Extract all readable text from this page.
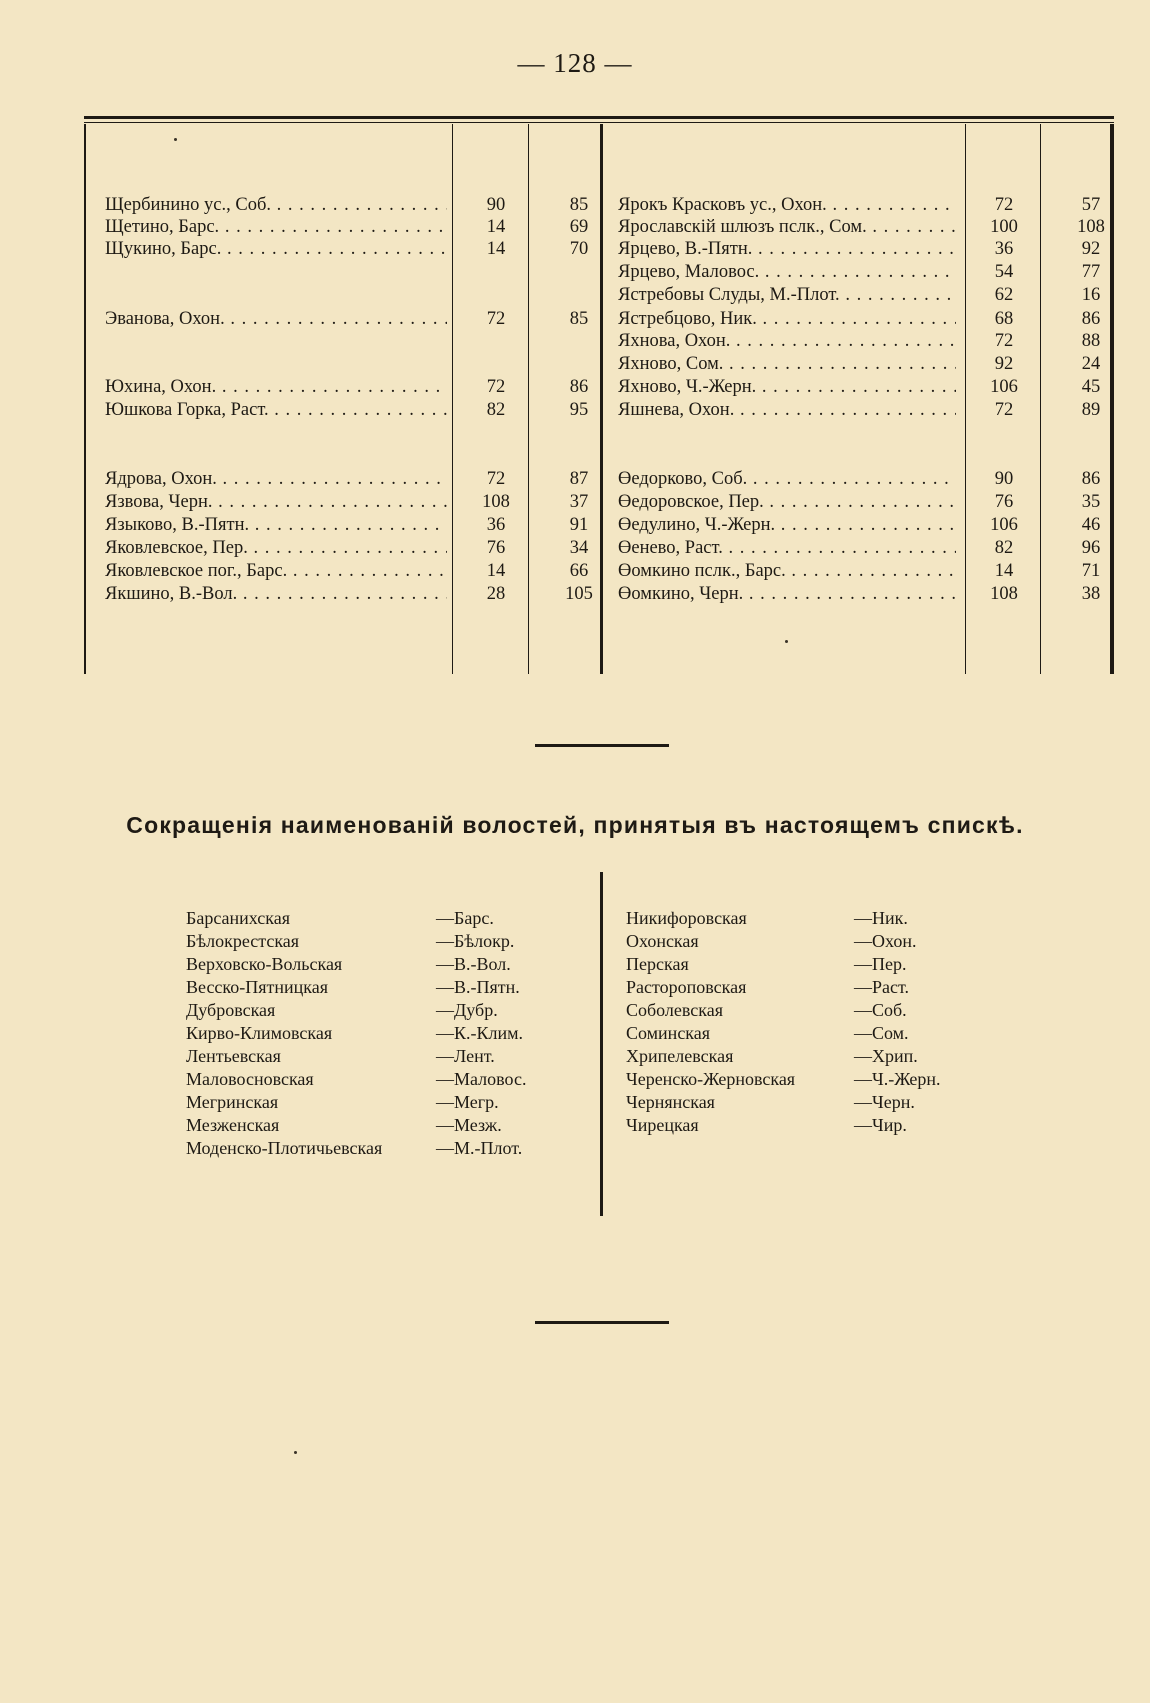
— 128 —
Щербинино ус., Соб. . . .	90	85
Щетино, Барс. . . .	14	69
Щукино, Барс. . . .	14	70
Эванова, Охон. . . .	72	85
Юхина, Охон. . . .	72	86
Юшкова Горка, Раст. . . .	82	95
Ядрова, Охон. . . .	72	87
Язвова, Черн. . . .	108	37
Языково, В.-Пятн. . . .	36	91
Яковлевское, Пер. . . .	76	34
Яковлевское пог., Барс. . . .	14	66
Якшино, В.-Вол. . . .	28	105
Ярокъ Красковъ ус., Охон. . . .	72	57
Ярославскій шлюзъ пслк., Сом. . . .	100	108
Ярцево, В.-Пятн. . . .	36	92
Ярцево, Маловос. . . .	54	77
Ястребовы Слуды, М.-Плот. . . .	62	16
Ястребцово, Ник. . . .	68	86
Яхнова, Охон. . . .	72	88
Яхново, Сом. . . .	92	24
Яхново, Ч.-Жерн. . . .	106	45
Яшнева, Охон. . . .	72	89
Өедорково, Соб. . . .	90	86
Өедоровское, Пер. . . .	76	35
Өедулино, Ч.-Жерн. . . .	106	46
Өенево, Раст. . . .	82	96
Өомкино пслк., Барс. . . .	14	71
Өомкино, Черн. . . .	108	38
Сокращенія наименованій волостей, принятыя въ настоящемъ спискѣ.
Барсанихская	—Барс.
Бѣлокрестская	—Бѣлокр.
Верховско-Вольская	—В.-Вол.
Весско-Пятницкая	—В.-Пятн.
Дубровская	—Дубр.
Кирво-Климовская	—К.-Клим.
Лентьевская	—Лент.
Маловосновская	—Маловос.
Мегринская	—Мегр.
Мезженская	—Мезж.
Моденско-Плотичьевская	—М.-Плот.
Никифоровская	—Ник.
Охонская	—Охон.
Перская	—Пер.
Растороповская	—Раст.
Соболевская	—Соб.
Соминская	—Сом.
Хрипелевская	—Хрип.
Черенско-Жерновская	—Ч.-Жерн.
Чернянская	—Черн.
Чирецкая	—Чир.
